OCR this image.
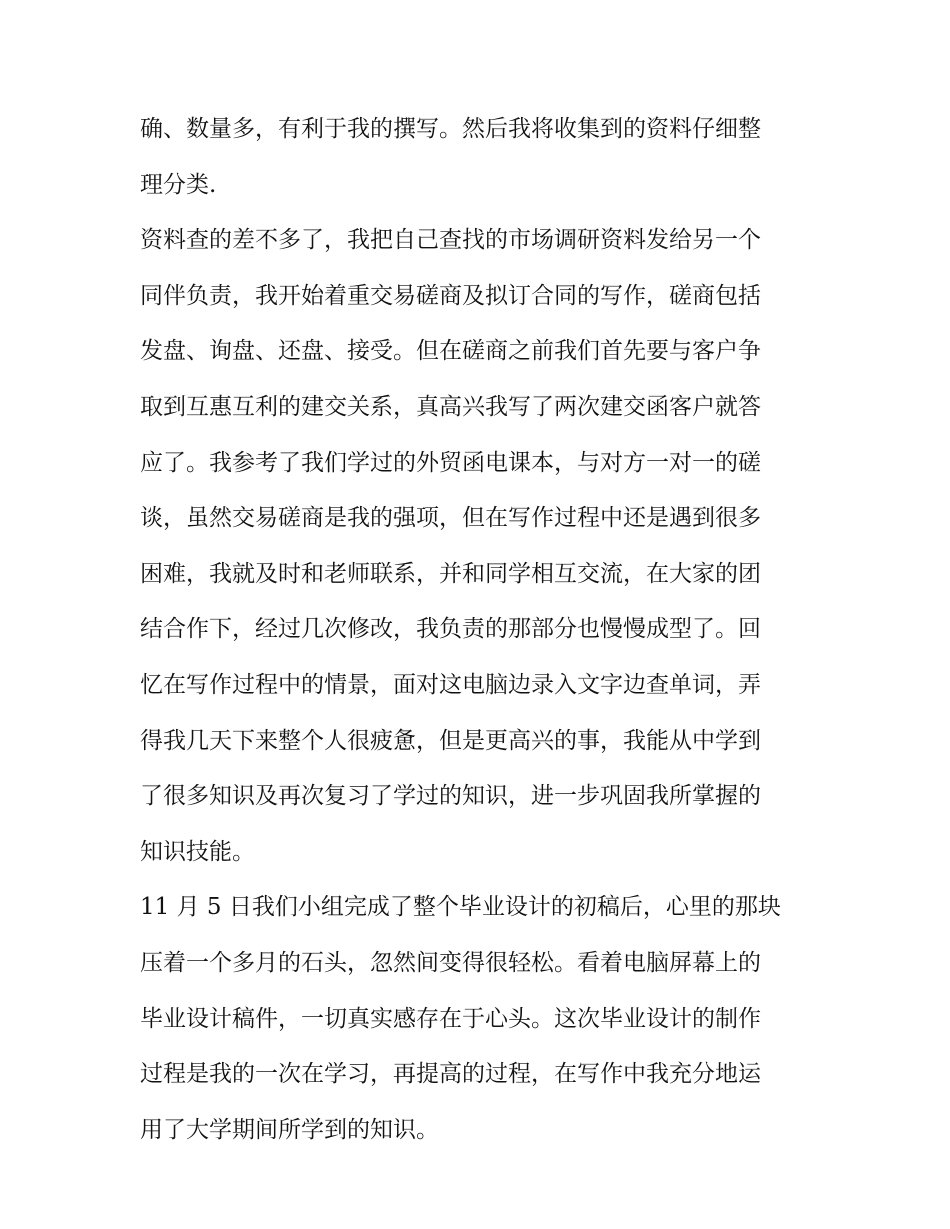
确、数量多，有利于我的撰写。然后我将收集到的资料仔细整

理分类.

资料查的差不多了，我把自己查找的市场调研资料发给另一个

同伴负责，我开始着重交易磋商及拟订合同的写作，磋商包括

发盘、询盘、还盘、接受。但在磋商之前我们首先要与客户争

取到互惠互利的建交关系，真高兴我写了两次建交函客户就答

应了。我参考了我们学过的外贸函电课本，与对方一对一的磋

谈，虽然交易磋商是我的强项，但在写作过程中还是遇到很多

困难，我就及时和老师联系，并和同学相互交流，在大家的团

结合作下，经过几次修改，我负责的那部分也慢慢成型了。回

忆在写作过程中的情景，面对这电脑边录入文字边查单词，弄

得我几天下来整个人很疲惫，但是更高兴的事，我能从中学到

了很多知识及再次复习了学过的知识，进一步巩固我所掌握的

知识技能。

11 月 5 日我们小组完成了整个毕业设计的初稿后，心里的那块

压着一个多月的石头，忽然间变得很轻松。看着电脑屏幕上的

毕业设计稿件，一切真实感存在于心头。这次毕业设计的制作

过程是我的一次在学习，再提高的过程，在写作中我充分地运

用了大学期间所学到的知识。
